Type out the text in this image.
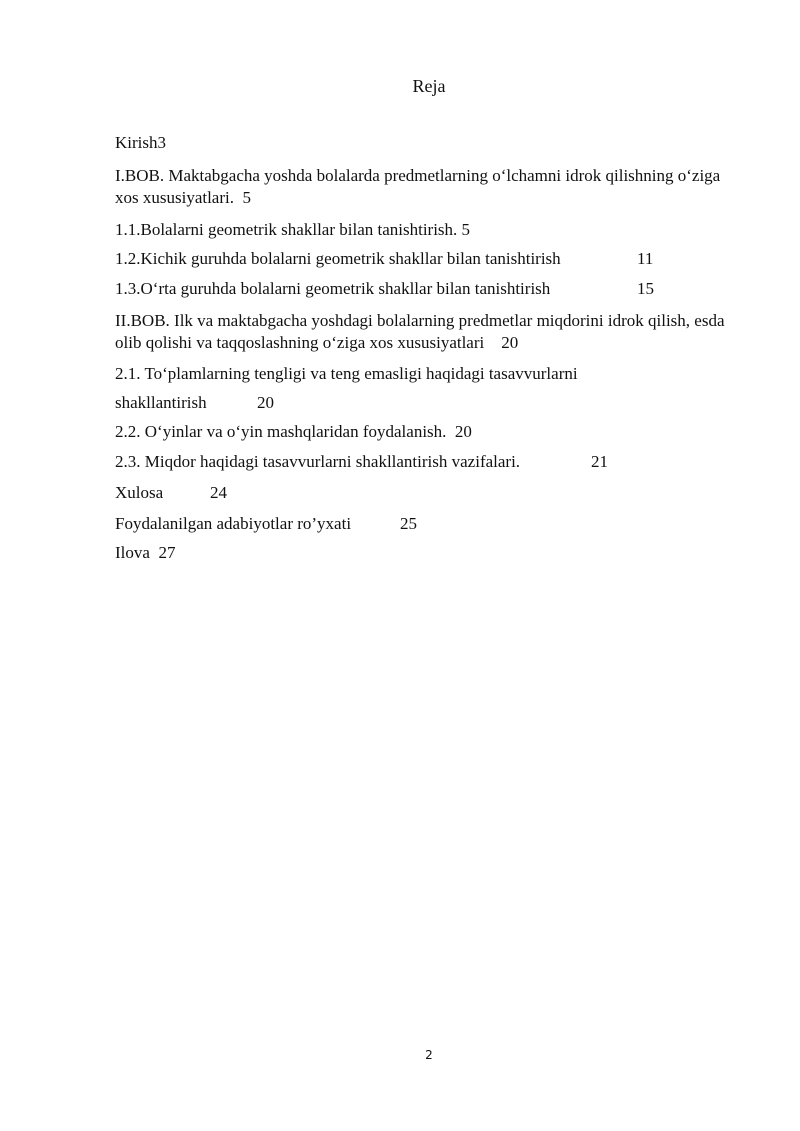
Reja
Kirish3
I.BOB. Maktabgacha yoshda bolalarda predmetlarning o‘lchamni idrok qilishning o‘ziga xos xususiyatlari. 5
1.1.Bolalarni geometrik shakllar bilan tanishtirish. 5
1.2.Kichik guruhda bolalarni geometrik shakllar bilan tanishtirish	11
1.3.O‘rta guruhda bolalarni geometrik shakllar bilan tanishtirish	15
II.BOB. Ilk va maktabgacha yoshdagi bolalarning predmetlar miqdorini idrok qilish, esda olib qolishi va taqqoslashning o‘ziga xos xususiyatlari 20
2.1. To‘plamlarning tengligi va teng emasligi haqidagi tasavvurlarni
shakllantirish	20
2.2. O‘yinlar va o‘yin mashqlaridan foydalanish. 20
2.3. Miqdor haqidagi tasavvurlarni shakllantirish vazifalari.	21
Xulosa	24
Foydalanilgan adabiyotlar ro’yxati	25
Ilova 27
2
